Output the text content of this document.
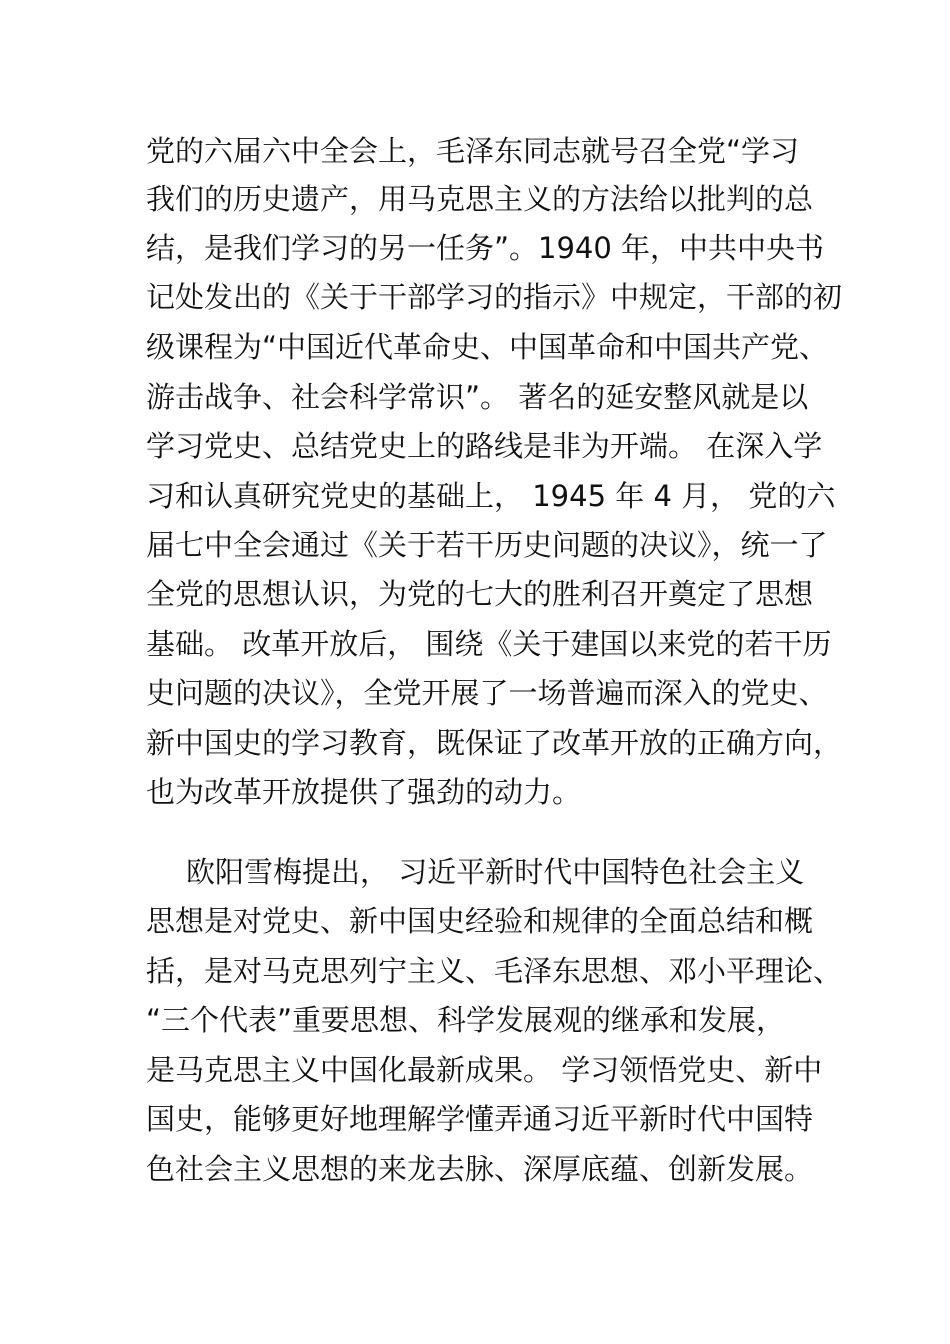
党的六届六中全会上，毛泽东同志就号召全党“学习
我们的历史遗产，用马克思主义的方法给以批判的总
结，是我们学习的另一任务”。1940 年，中共中央书
记处发出的《关于干部学习的指示》中规定，干部的初
级课程为“中国近代革命史、中国革命和中国共产党、
游击战争、社会科学常识”。 著名的延安整风就是以
学习党史、总结党史上的路线是非为开端。 在深入学
习和认真研究党史的基础上， 1945 年 4 月， 党的六
届七中全会通过《关于若干历史问题的决议》，统一了
全党的思想认识，为党的七大的胜利召开奠定了思想
基础。 改革开放后， 围绕《关于建国以来党的若干历
史问题的决议》，全党开展了一场普遍而深入的党史、
新中国史的学习教育，既保证了改革开放的正确方向，
也为改革开放提供了强劲的动力。
欧阳雪梅提出， 习近平新时代中国特色社会主义
思想是对党史、新中国史经验和规律的全面总结和概
括，是对马克思列宁主义、毛泽东思想、邓小平理论、
“三个代表”重要思想、科学发展观的继承和发展，
是马克思主义中国化最新成果。 学习领悟党史、新中
国史，能够更好地理解学懂弄通习近平新时代中国特
色社会主义思想的来龙去脉、深厚底蕴、创新发展。
